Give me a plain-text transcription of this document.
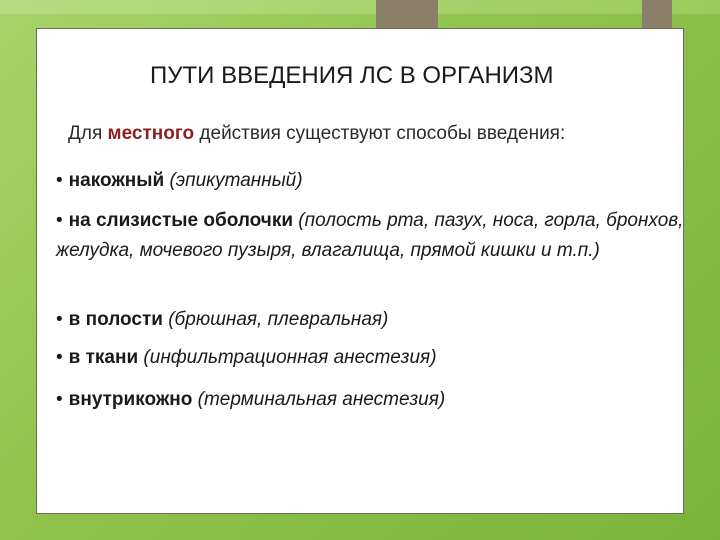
ПУТИ ВВЕДЕНИЯ ЛС В ОРГАНИЗМ
Для местного действия существуют способы введения:
• накожный (эпикутанный)
• на слизистые оболочки (полость рта, пазух, носа, горла, бронхов, желудка, мочевого пузыря, влагалища, прямой кишки и т.п.)
• в полости (брюшная, плевральная)
• в ткани (инфильтрационная анестезия)
• внутрикожно (терминальная анестезия)
